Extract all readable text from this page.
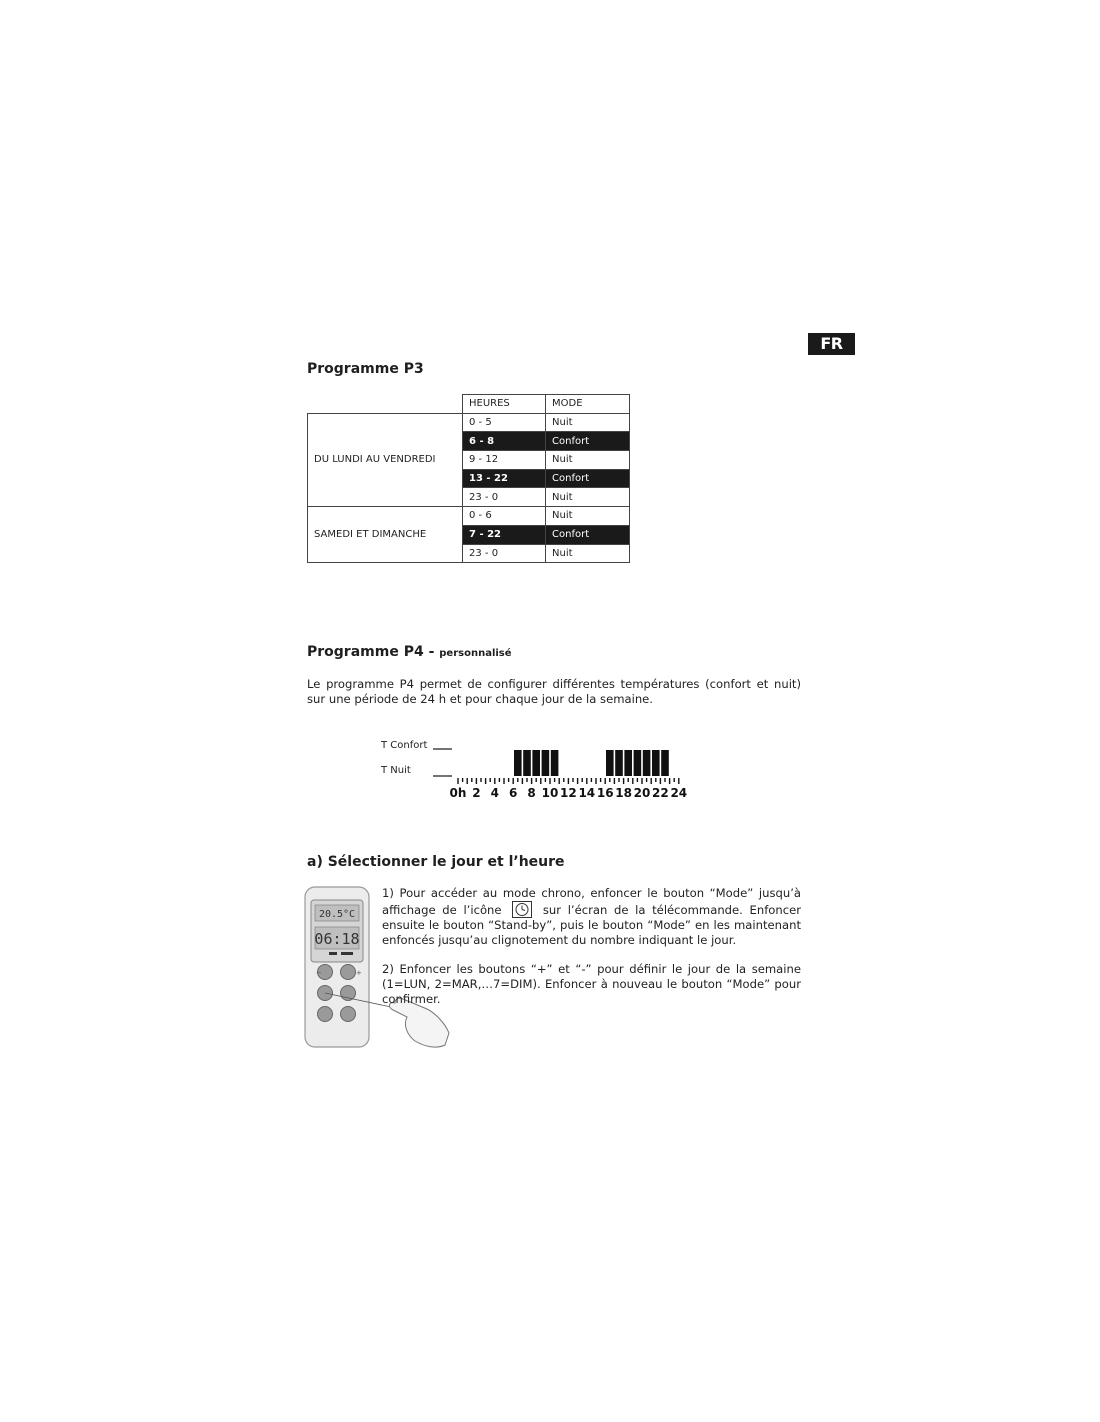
FR
Programme P3
	HEURES	MODE
DU LUNDI AU VENDREDI	0 - 5	Nuit
	6 - 8	Confort
	9 - 12	Nuit
	13 - 22	Confort
	23 - 0	Nuit
SAMEDI ET DIMANCHE	0 - 6	Nuit
	7 - 22	Confort
	23 - 0	Nuit
Programme P4 - personnalisé
Le programme P4 permet de configurer différentes températures (confort et nuit) sur une période de 24 h et pour chaque jour de la semaine.
T Confort
T Nuit
0h 2 4 6 8 10 12 14 16 18 20 22 24
a) Sélectionner le jour et l’heure
20.5°C
06:18
−	+
1) Pour accéder au mode chrono, enfoncer le bouton “Mode” jusqu’à affichage de l’icône	sur l’écran de la télécommande. Enfoncer ensuite le bouton “Stand-by”, puis le bouton “Mode” en les maintenant enfoncés jusqu’au clignotement du nombre indiquant le jour.
2) Enfoncer les boutons “+” et “-” pour définir le jour de la semaine (1=LUN, 2=MAR,…7=DIM). Enfoncer à nouveau le bouton “Mode” pour confirmer.
